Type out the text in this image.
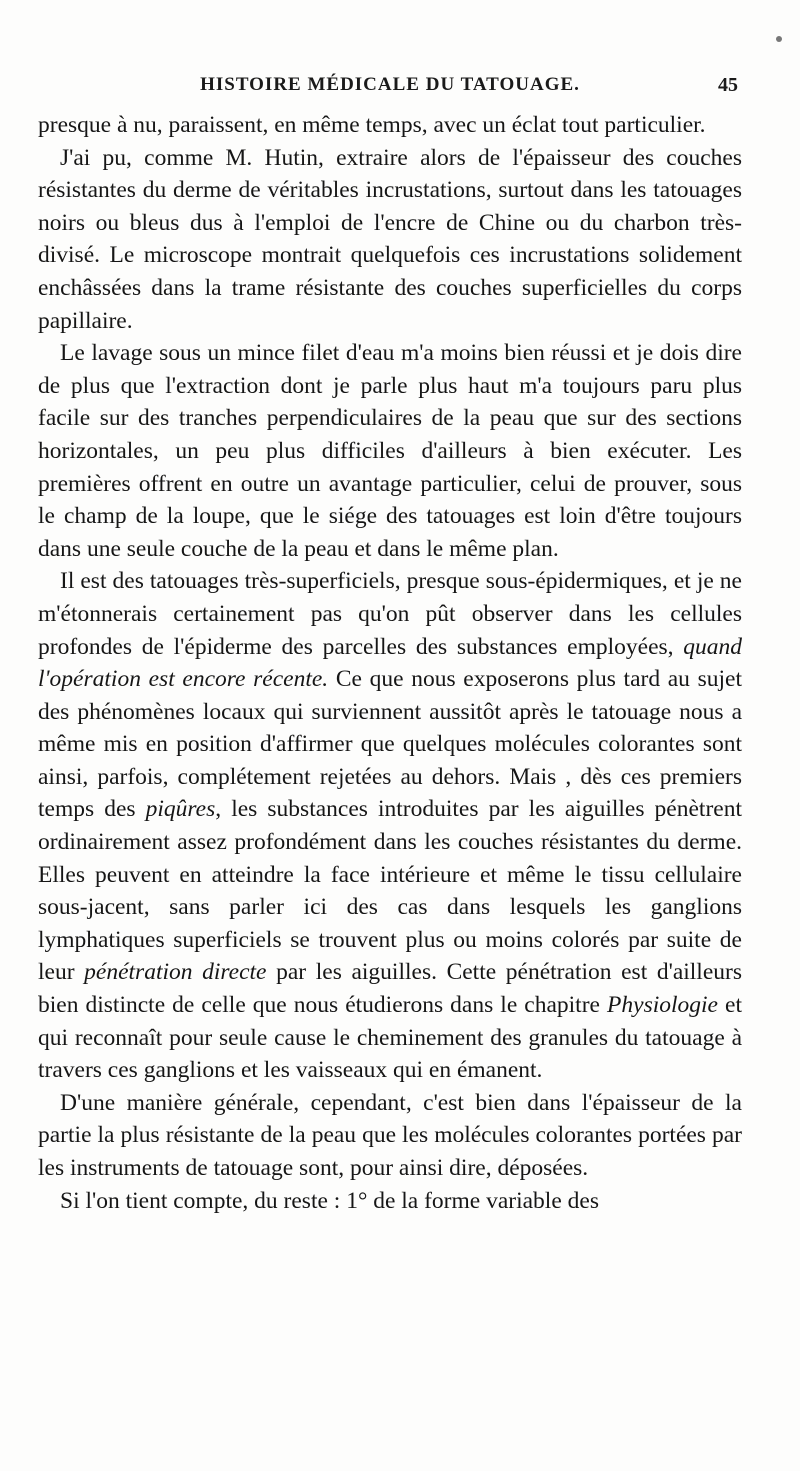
HISTOIRE MÉDICALE DU TATOUAGE.	45

presque à nu, paraissent, en même temps, avec un éclat tout particulier.

J'ai pu, comme M. Hutin, extraire alors de l'épaisseur des couches résistantes du derme de véritables incrustations, surtout dans les tatouages noirs ou bleus dus à l'emploi de l'encre de Chine ou du charbon très-divisé. Le microscope montrait quelquefois ces incrustations solidement enchâssées dans la trame résistante des couches superficielles du corps papillaire.

Le lavage sous un mince filet d'eau m'a moins bien réussi et je dois dire de plus que l'extraction dont je parle plus haut m'a toujours paru plus facile sur des tranches perpendiculaires de la peau que sur des sections horizontales, un peu plus difficiles d'ailleurs à bien exécuter. Les premières offrent en outre un avantage particulier, celui de prouver, sous le champ de la loupe, que le siége des tatouages est loin d'être toujours dans une seule couche de la peau et dans le même plan.

Il est des tatouages très-superficiels, presque sous-épidermiques, et je ne m'étonnerais certainement pas qu'on pût observer dans les cellules profondes de l'épiderme des parcelles des substances employées, quand l'opération est encore récente. Ce que nous exposerons plus tard au sujet des phénomènes locaux qui surviennent aussitôt après le tatouage nous a même mis en position d'affirmer que quelques molécules colorantes sont ainsi, parfois, complétement rejetées au dehors. Mais , dès ces premiers temps des piqûres, les substances introduites par les aiguilles pénètrent ordinairement assez profondément dans les couches résistantes du derme. Elles peuvent en atteindre la face intérieure et même le tissu cellulaire sous-jacent, sans parler ici des cas dans lesquels les ganglions lymphatiques superficiels se trouvent plus ou moins colorés par suite de leur pénétration directe par les aiguilles. Cette pénétration est d'ailleurs bien distincte de celle que nous étudierons dans le chapitre Physiologie et qui reconnaît pour seule cause le cheminement des granules du tatouage à travers ces ganglions et les vaisseaux qui en émanent.

D'une manière générale, cependant, c'est bien dans l'épaisseur de la partie la plus résistante de la peau que les molécules colorantes portées par les instruments de tatouage sont, pour ainsi dire, déposées.

Si l'on tient compte, du reste : 1° de la forme variable des
